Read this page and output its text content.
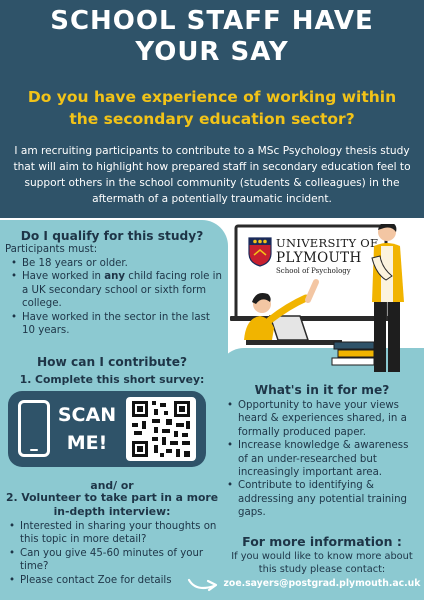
SCHOOL STAFF HAVE
YOUR SAY
Do you have experience of working within
the secondary education sector?
I am recruiting participants to contribute to a MSc Psychology thesis study that will aim to highlight how prepared staff in secondary education feel to support others in the school community (students & colleagues) in the aftermath of a potentially traumatic incident.
UNIVERSITY OF
PLYMOUTH
School of Psychology
Do I qualify for this study?
Participants must:
• Be 18 years or older.
• Have worked in any child facing role in a UK secondary school or sixth form college.
• Have worked in the sector in the last 10 years.
How can I contribute?
1. Complete this short survey:
SCAN
ME!
and/ or
2. Volunteer to take part in a more
in-depth interview:
• Interested in sharing your thoughts on this topic in more detail?
• Can you give 45-60 minutes of your time?
• Please contact Zoe for details
What's in it for me?
• Opportunity to have your views heard & experiences shared, in a formally produced paper.
• Increase knowledge & awareness of an under-researched but increasingly important area.
• Contribute to identifying & addressing any potential training gaps.
For more information :
If you would like to know more about this study please contact:
zoe.sayers@postgrad.plymouth.ac.uk
